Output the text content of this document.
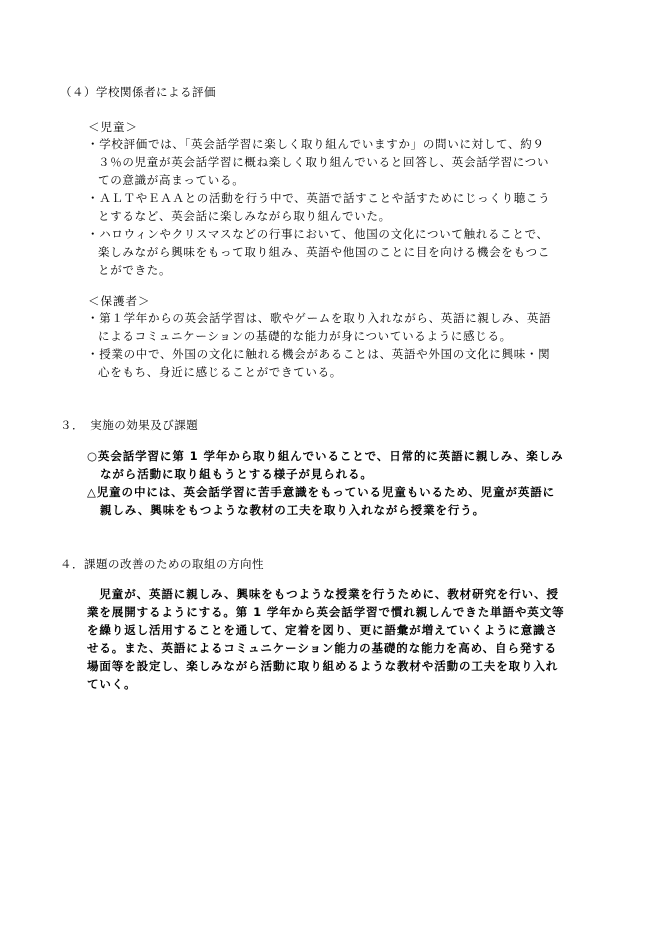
（４）学校関係者による評価
＜児童＞
・学校評価では、「英会話学習に楽しく取り組んでいますか」の問いに対して、約９
３％の児童が英会話学習に概ね楽しく取り組んでいると回答し、英会話学習につい
ての意識が高まっている。
・ＡＬＴやＥＡＡとの活動を行う中で、英語で話すことや話すためにじっくり聴こう
とするなど、英会話に楽しみながら取り組んでいた。
・ハロウィンやクリスマスなどの行事において、他国の文化について触れることで、
楽しみながら興味をもって取り組み、英語や他国のことに目を向ける機会をもつこ
とができた。
＜保護者＞
・第１学年からの英会話学習は、歌やゲームを取り入れながら、英語に親しみ、英語
によるコミュニケーションの基礎的な能力が身についているように感じる。
・授業の中で、外国の文化に触れる機会があることは、英語や外国の文化に興味・関
心をもち、身近に感じることができている。
３．　実施の効果及び課題
○英会話学習に第 1 学年から取り組んでいることで、日常的に英語に親しみ、楽しみ
ながら活動に取り組もうとする様子が見られる。
△児童の中には、英会話学習に苦手意識をもっている児童もいるため、児童が英語に
親しみ、興味をもつような教材の工夫を取り入れながら授業を行う。
４．課題の改善のための取組の方向性
　児童が、英語に親しみ、興味をもつような授業を行うために、教材研究を行い、授
業を展開するようにする。第 1 学年から英会話学習で慣れ親しんできた単語や英文等
を繰り返し活用することを通して、定着を図り、更に語彙が増えていくように意識さ
せる。また、英語によるコミュニケーション能力の基礎的な能力を高め、自ら発する
場面等を設定し、楽しみながら活動に取り組めるような教材や活動の工夫を取り入れ
ていく。
